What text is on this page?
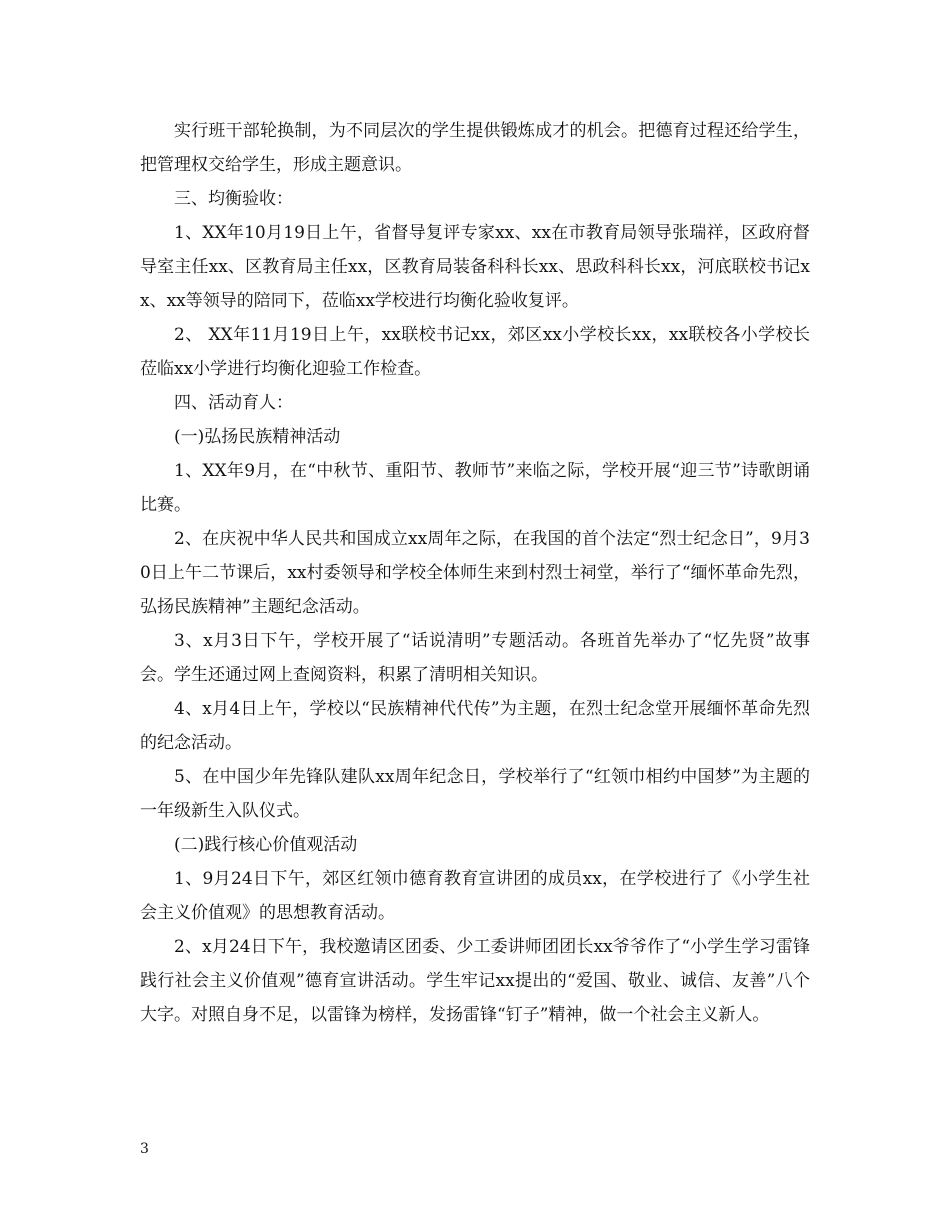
实行班干部轮换制，为不同层次的学生提供锻炼成才的机会。把德育过程还给学生，把管理权交给学生，形成主题意识。

三、均衡验收：

1、XX年10月19日上午，省督导复评专家xx、xx在市教育局领导张瑞祥，区政府督导室主任xx、区教育局主任xx，区教育局装备科科长xx、思政科科长xx，河底联校书记xx、xx等领导的陪同下，莅临xx学校进行均衡化验收复评。

2、 XX年11月19日上午，xx联校书记xx，郊区xx小学校长xx，xx联校各小学校长莅临xx小学进行均衡化迎验工作检查。

四、活动育人：

(一)弘扬民族精神活动

1、XX年9月，在“中秋节、重阳节、教师节”来临之际，学校开展“迎三节”诗歌朗诵比赛。

2、在庆祝中华人民共和国成立xx周年之际，在我国的首个法定“烈士纪念日”，9月30日上午二节课后，xx村委领导和学校全体师生来到村烈士祠堂，举行了“缅怀革命先烈，弘扬民族精神”主题纪念活动。

3、x月3日下午，学校开展了“话说清明”专题活动。各班首先举办了“忆先贤”故事会。学生还通过网上查阅资料，积累了清明相关知识。

4、x月4日上午，学校以“民族精神代代传”为主题，在烈士纪念堂开展缅怀革命先烈的纪念活动。

5、在中国少年先锋队建队xx周年纪念日，学校举行了“红领巾相约中国梦”为主题的一年级新生入队仪式。

(二)践行核心价值观活动

1、9月24日下午，郊区红领巾德育教育宣讲团的成员xx，在学校进行了《小学生社会主义价值观》的思想教育活动。

2、x月24日下午，我校邀请区团委、少工委讲师团团长xx爷爷作了“小学生学习雷锋践行社会主义价值观”德育宣讲活动。学生牢记xx提出的“爱国、敬业、诚信、友善”八个大字。对照自身不足，以雷锋为榜样，发扬雷锋“钉子”精神，做一个社会主义新人。

3
